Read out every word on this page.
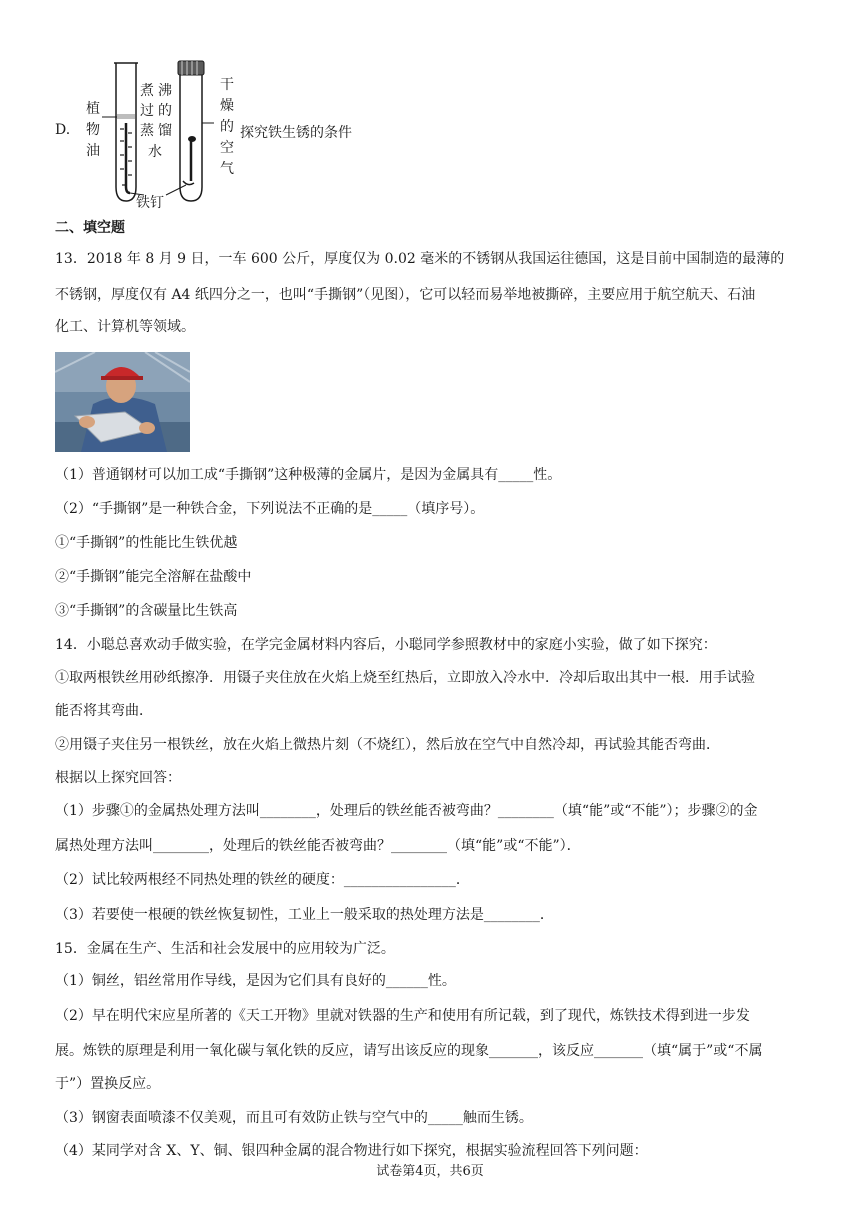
D.
植
物
油
煮
过
蒸
水
沸
的
馏
干
燥
的
空
气
铁钉
探究铁生锈的条件
二、填空题
13．2018 年 8 月 9 日，一车 600 公斤，厚度仅为 0.02 毫米的不锈钢从我国运往德国，这是目前中国制造的最薄的
不锈钢，厚度仅有 A4 纸四分之一，也叫“手撕钢”（见图），它可以轻而易举地被撕碎，主要应用于航空航天、石油
化工、计算机等领域。
（1）普通钢材可以加工成“手撕钢”这种极薄的金属片，是因为金属具有_____性。
（2）“手撕钢”是一种铁合金，下列说法不正确的是_____（填序号）。
①“手撕钢”的性能比生铁优越
②“手撕钢”能完全溶解在盐酸中
③“手撕钢”的含碳量比生铁高
14．小聪总喜欢动手做实验，在学完金属材料内容后，小聪同学参照教材中的家庭小实验，做了如下探究：
①取两根铁丝用砂纸擦净．用镊子夹住放在火焰上烧至红热后，立即放入冷水中．冷却后取出其中一根．用手试验
能否将其弯曲．
②用镊子夹住另一根铁丝，放在火焰上微热片刻（不烧红），然后放在空气中自然冷却，再试验其能否弯曲．
根据以上探究回答：
（1）步骤①的金属热处理方法叫________，处理后的铁丝能否被弯曲？________（填“能”或“不能”）；步骤②的金
属热处理方法叫________，处理后的铁丝能否被弯曲？________（填“能”或“不能”）．
（2）试比较两根经不同热处理的铁丝的硬度：________________．
（3）若要使一根硬的铁丝恢复韧性，工业上一般采取的热处理方法是________．
15．金属在生产、生活和社会发展中的应用较为广泛。
（1）铜丝，铝丝常用作导线，是因为它们具有良好的______性。
（2）早在明代宋应星所著的《天工开物》里就对铁器的生产和使用有所记载，到了现代，炼铁技术得到进一步发
展。炼铁的原理是利用一氧化碳与氧化铁的反应，请写出该反应的现象_______，该反应_______（填“属于”或“不属
于”）置换反应。
（3）钢窗表面喷漆不仅美观，而且可有效防止铁与空气中的_____触而生锈。
（4）某同学对含 X、Y、铜、银四种金属的混合物进行如下探究，根据实验流程回答下列问题：
试卷第4页，共6页
